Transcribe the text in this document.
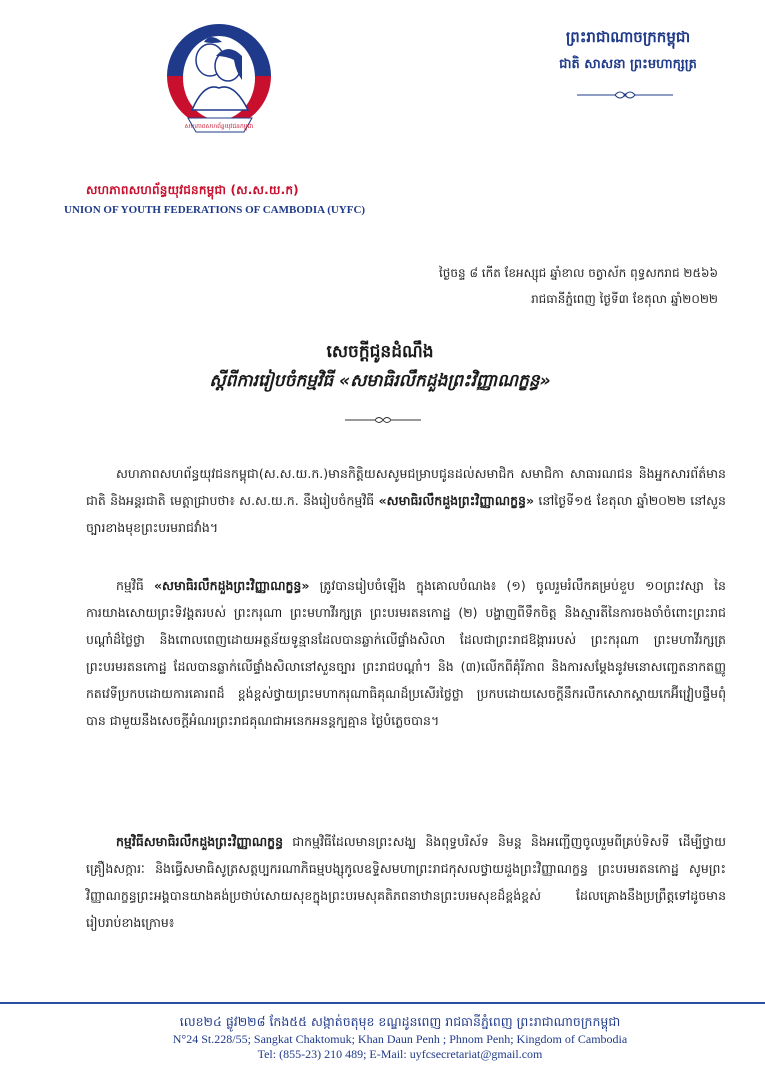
សហភាពសហព័ន្ធយុវជនកម្ពុជា
សហភាពសហព័ន្ធយុវជនកម្ពុជា (ស.ស.យ.ក)
UNION OF YOUTH FEDERATIONS OF CAMBODIA (UYFC)
ព្រះរាជាណាចក្រកម្ពុជា
ជាតិ សាសនា ព្រះមហាក្សត្រ
ថ្ងៃចន្ទ ៨ កើត ខែអស្សុជ ឆ្នាំខាល ចត្វាស័ក ពុទ្ធសករាជ ២៥៦៦
រាជធានីភ្នំពេញ ថ្ងៃទី៣ ខែតុលា ឆ្នាំ២០២២
សេចក្ដីជូនដំណឹង
ស្ដីពីការរៀបចំកម្មវិធី «សមាធិរលឹកដួងព្រះវិញ្ញាណក្ខន្ធ»
សហភាពសហព័ន្ធយុវជនកម្ពុជា(ស.ស.យ.ក.)មានកិត្តិយសសូមជម្រាបជូនដល់សមាជិក សមាជិកា សាធារណជន និងអ្នកសារព័ត៌មានជាតិ និងអន្តរជាតិ មេត្តាជ្រាបថា៖ ស.ស.យ.ក. នឹងរៀបចំកម្មវិធី «សមាធិរលឹកដួងព្រះវិញ្ញាណក្ខន្ធ» នៅថ្ងៃទី១៥ ខែតុលា ឆ្នាំ២០២២ នៅសួនច្បារខាងមុខព្រះបរមរាជវាំង។
កម្មវិធី «សមាធិរលឹកដួងព្រះវិញ្ញាណក្ខន្ធ» ត្រូវបានរៀបចំឡើង ក្នុងគោលបំណង៖ (១) ចូលរួមរំលឹកគម្រប់ខួប ១០ព្រះវស្សា នៃការយាងសោយព្រះទិវង្គតរបស់ ព្រះករុណា ព្រះមហាវីរក្សត្រ ព្រះបរមរតនកោដ្ឋ (២) បង្ហាញពីទឹកចិត្ត និងស្មារតីនៃការចងចាំចំពោះព្រះរាជបណ្ដាំដ៏ថ្លៃថ្លា និងពោលពេញដោយអត្ថន័យទូន្មានដែលបានឆ្លាក់លើផ្ទាំងសិលា ដែលជាព្រះរាជឱង្ការរបស់ ព្រះករុណា ព្រះមហាវីរក្សត្រ ព្រះបរមរតនកោដ្ឋ ដែលបានឆ្លាក់លើផ្ទាំងសិលានៅសួនច្បារ ព្រះរាជបណ្ដាំ។ និង (៣)លើកពីគុំរីភាព និងការសម្ដែងនូវមនោសញ្ចេតនាកតញ្ញូកតវេទីប្រកបដោយការគោរពដ៏ ខ្ពង់ខ្ពស់ថ្វាយព្រះមហាករុណាធិគុណដ៏ប្រសើរថ្លៃថ្លា ប្រកបដោយសេចក្ដីនឹករលឹកសោកស្ដាយកេអ៊ីវ្រៀបផ្ទឹមពុំបាន ជាមួយនឹងសេចក្ដីអំណរព្រះរាជគុណជាអនេកអនន្តក្បគ្មាន ថ្ងៃបំភ្លេចបាន។
កម្មវិធីសមាធិរលឹកដួងព្រះវិញ្ញាណក្ខន្ធ ជាកម្មវិធីដែលមានព្រះសង្ឃ និងពុទ្ធបរិស័ទ និមន្ត និងអញ្ជើញចូលរួមពីគ្រប់ទិសទី ដើម្បីថ្វាយគ្រឿងសក្ការៈ និងធ្វើសមាធិសូត្រសត្តប្បករណាភិធម្មបង្សុកូលឧទ្ទិសមហាព្រះរាជកុសលថ្វាយដួងព្រះវិញ្ញាណក្ខន្ធ ព្រះបរមរតនកោដ្ឋ សូមព្រះវិញ្ញាណក្ខន្ធព្រះអង្គបានយាងគង់ប្រថាប់សោយសុខក្នុងព្រះបរមសុគតិភពនាឋានព្រះបរមសុខដ៏ខ្ពង់ខ្ពស់ ដែលគ្រោងនឹងប្រព្រឹត្តទៅដូចមានរៀបរាប់ខាងក្រោម៖
លេខ២៤ ផ្លូវ២២៨ កែង៥៥ សង្កាត់ចតុមុខ ខណ្ឌដូនពេញ រាជធានីភ្នំពេញ ព្រះរាជាណាចក្រកម្ពុជា
N°24 St.228/55; Sangkat Chaktomuk; Khan Daun Penh ; Phnom Penh; Kingdom of Cambodia
Tel: (855-23) 210 489; E-Mail: uyfcsecretariat@gmail.com
